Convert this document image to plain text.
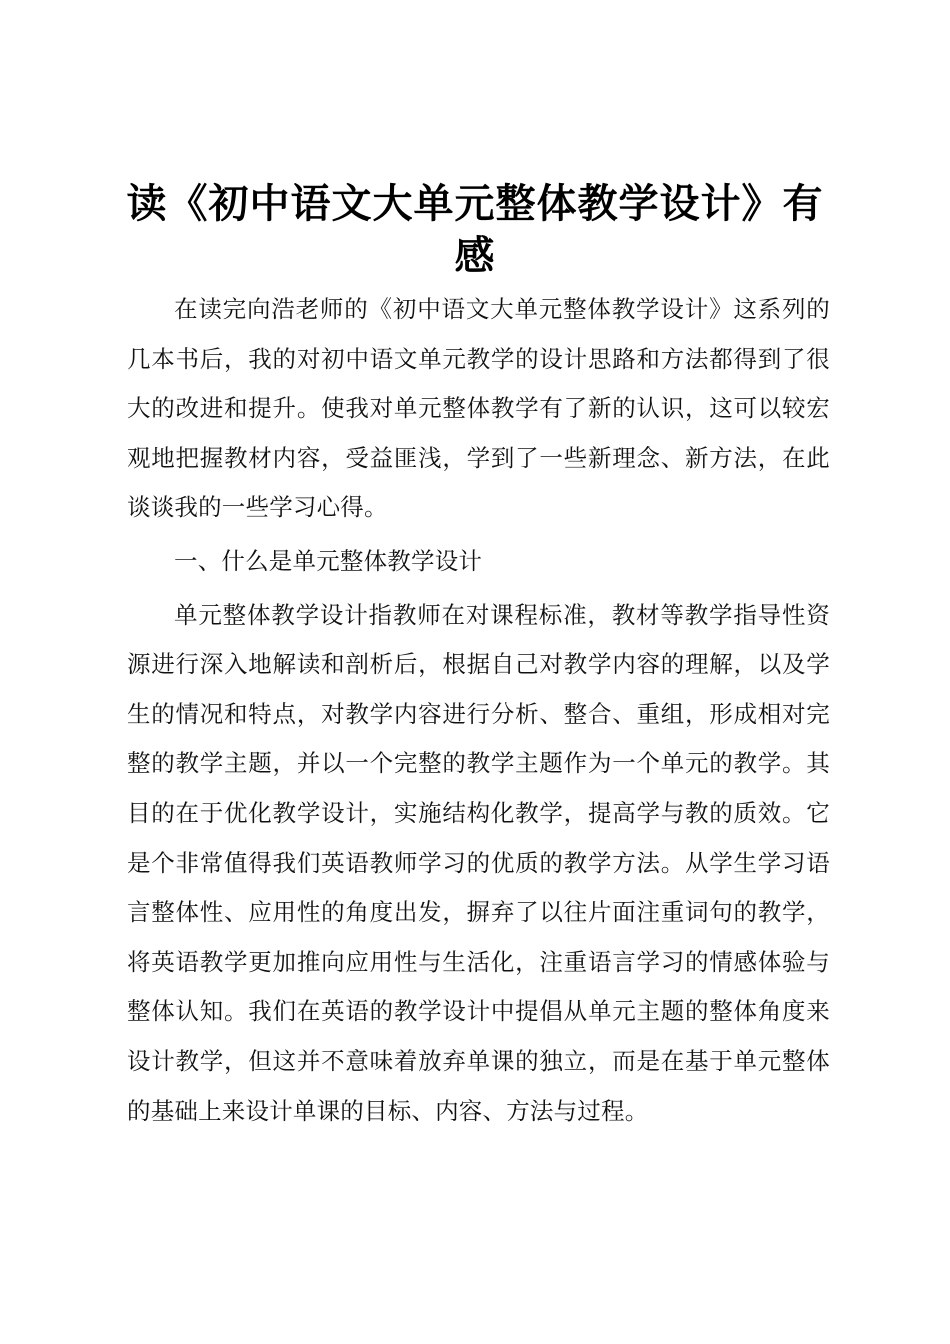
读《初中语文大单元整体教学设计》有感

在读完向浩老师的《初中语文大单元整体教学设计》这系列的几本书后，我的对初中语文单元教学的设计思路和方法都得到了很大的改进和提升。使我对单元整体教学有了新的认识，这可以较宏观地把握教材内容，受益匪浅，学到了一些新理念、新方法，在此谈谈我的一些学习心得。

一、什么是单元整体教学设计

单元整体教学设计指教师在对课程标准，教材等教学指导性资源进行深入地解读和剖析后，根据自己对教学内容的理解，以及学生的情况和特点，对教学内容进行分析、整合、重组，形成相对完整的教学主题，并以一个完整的教学主题作为一个单元的教学。其目的在于优化教学设计，实施结构化教学，提高学与教的质效。它是个非常值得我们英语教师学习的优质的教学方法。从学生学习语言整体性、应用性的角度出发，摒弃了以往片面注重词句的教学，将英语教学更加推向应用性与生活化，注重语言学习的情感体验与整体认知。我们在英语的教学设计中提倡从单元主题的整体角度来设计教学，但这并不意味着放弃单课的独立，而是在基于单元整体的基础上来设计单课的目标、内容、方法与过程。
